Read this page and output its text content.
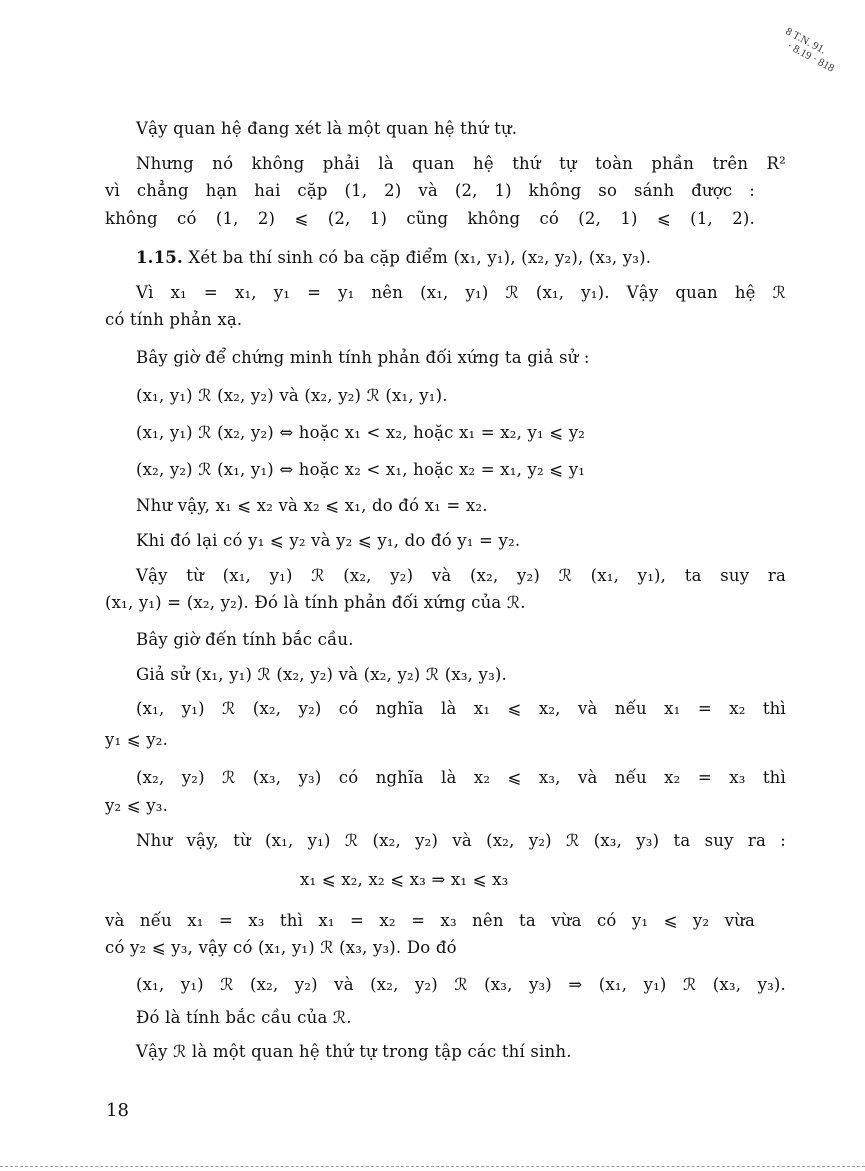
8 T.N. 91.
· 8.19 · 818
Vậy quan hệ đang xét là một quan hệ thứ tự.
Nhưng nó không phải là quan hệ thứ tự toàn phần trên R²
vì chẳng hạn hai cặp (1, 2) và (2, 1) không so sánh được :
không có (1, 2) ⩽ (2, 1) cũng không có (2, 1) ⩽ (1, 2).
1.15. Xét ba thí sinh có ba cặp điểm (x₁, y₁), (x₂, y₂), (x₃, y₃).
Vì x₁ = x₁, y₁ = y₁ nên (x₁, y₁) ℛ (x₁, y₁). Vậy quan hệ ℛ
có tính phản xạ.
Bây giờ để chứng minh tính phản đối xứng ta giả sử :
(x₁, y₁) ℛ (x₂, y₂) và (x₂, y₂) ℛ (x₁, y₁).
(x₁, y₁) ℛ (x₂, y₂) ⇔ hoặc x₁ < x₂, hoặc x₁ = x₂, y₁ ⩽ y₂
(x₂, y₂) ℛ (x₁, y₁) ⇔ hoặc x₂ < x₁, hoặc x₂ = x₁, y₂ ⩽ y₁
Như vậy, x₁ ⩽ x₂ và x₂ ⩽ x₁, do đó x₁ = x₂.
Khi đó lại có y₁ ⩽ y₂ và y₂ ⩽ y₁, do đó y₁ = y₂.
Vậy từ (x₁, y₁) ℛ (x₂, y₂) và (x₂, y₂) ℛ (x₁, y₁), ta suy ra
(x₁, y₁) = (x₂, y₂). Đó là tính phản đối xứng của ℛ.
Bây giờ đến tính bắc cầu.
Giả sử (x₁, y₁) ℛ (x₂, y₂) và (x₂, y₂) ℛ (x₃, y₃).
(x₁, y₁) ℛ (x₂, y₂) có nghĩa là x₁ ⩽ x₂, và nếu x₁ = x₂ thì
y₁ ⩽ y₂.
(x₂, y₂) ℛ (x₃, y₃) có nghĩa là x₂ ⩽ x₃, và nếu x₂ = x₃ thì
y₂ ⩽ y₃.
Như vậy, từ (x₁, y₁) ℛ (x₂, y₂) và (x₂, y₂) ℛ (x₃, y₃) ta suy ra :
x₁ ⩽ x₂, x₂ ⩽ x₃ ⇒ x₁ ⩽ x₃
và nếu x₁ = x₃ thì x₁ = x₂ = x₃ nên ta vừa có y₁ ⩽ y₂ vừa
có y₂ ⩽ y₃, vậy có (x₁, y₁) ℛ (x₃, y₃). Do đó
(x₁, y₁) ℛ (x₂, y₂) và (x₂, y₂) ℛ (x₃, y₃) ⇒ (x₁, y₁) ℛ (x₃, y₃).
Đó là tính bắc cầu của ℛ.
Vậy ℛ là một quan hệ thứ tự trong tập các thí sinh.
18
